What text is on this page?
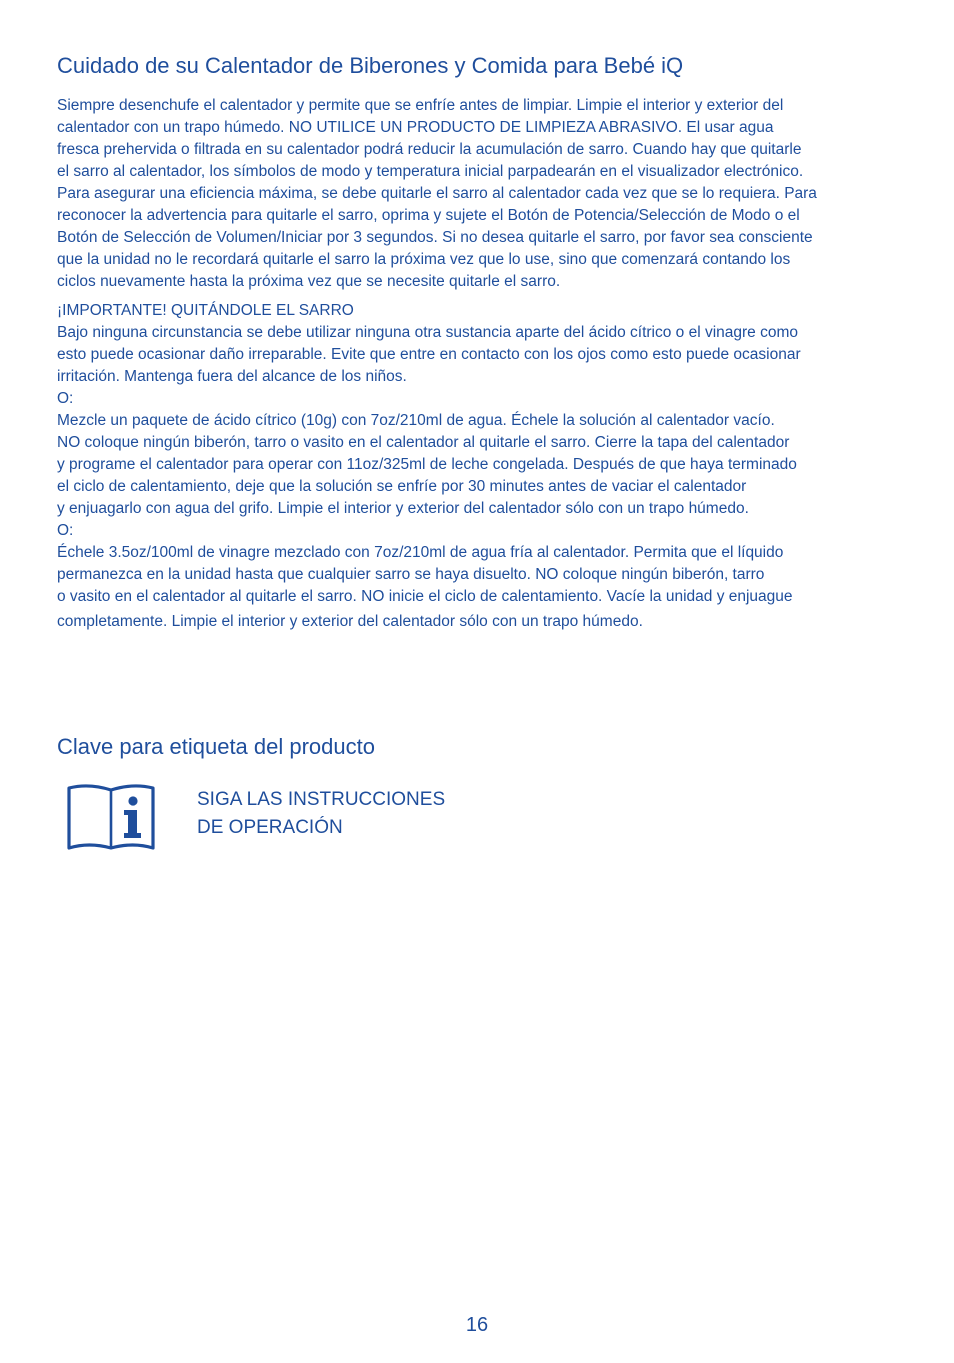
Cuidado de su Calentador de Biberones y Comida para Bebé iQ

Siempre desenchufe el calentador y permite que se enfríe antes de limpiar. Limpie el interior y exterior del
calentador con un trapo húmedo. NO UTILICE UN PRODUCTO DE LIMPIEZA ABRASIVO. El usar agua
fresca prehervida o filtrada en su calentador podrá reducir la acumulación de sarro. Cuando hay que quitarle
el sarro al calentador, los símbolos de modo y temperatura inicial parpadearán en el visualizador electrónico.
Para asegurar una eficiencia máxima, se debe quitarle el sarro al calentador cada vez que se lo requiera. Para
reconocer la advertencia para quitarle el sarro, oprima y sujete el Botón de Potencia/Selección de Modo o el
Botón de Selección de Volumen/Iniciar por 3 segundos. Si no desea quitarle el sarro, por favor sea consciente
que la unidad no le recordará quitarle el sarro la próxima vez que lo use, sino que comenzará contando los
ciclos nuevamente hasta la próxima vez que se necesite quitarle el sarro.

¡IMPORTANTE! QUITÁNDOLE EL SARRO
Bajo ninguna circunstancia se debe utilizar ninguna otra sustancia aparte del ácido cítrico o el vinagre como
esto puede ocasionar daño irreparable. Evite que entre en contacto con los ojos como esto puede ocasionar
irritación. Mantenga fuera del alcance de los niños.
O:
Mezcle un paquete de ácido cítrico (10g) con 7oz/210ml de agua. Échele la solución al calentador vacío.
NO coloque ningún biberón, tarro o vasito en el calentador al quitarle el sarro. Cierre la tapa del calentador
y programe el calentador para operar con 11oz/325ml de leche congelada. Después de que haya terminado
el ciclo de calentamiento, deje que la solución se enfríe por 30 minutes antes de vaciar el calentador
y enjuagarlo con agua del grifo. Limpie el interior y exterior del calentador sólo con un trapo húmedo.
O:
Échele 3.5oz/100ml de vinagre mezclado con 7oz/210ml de agua fría al calentador. Permita que el líquido
permanezca en la unidad hasta que cualquier sarro se haya disuelto. NO coloque ningún biberón, tarro
o vasito en el calentador al quitarle el sarro. NO inicie el ciclo de calentamiento. Vacíe la unidad y enjuague
completamente. Limpie el interior y exterior del calentador sólo con un trapo húmedo.
Clave para etiqueta del producto
SIGA LAS INSTRUCCIONES
DE OPERACIÓN
16
